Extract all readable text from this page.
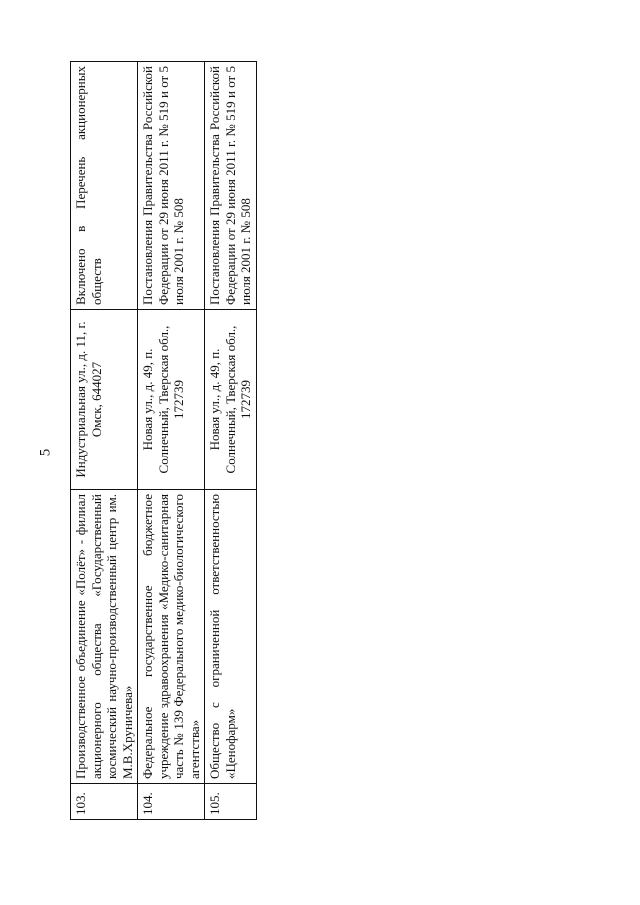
5
103.	Производственное объединение «Полёт» - филиал акционерного общества «Государственный космический научно-производственный центр им. М.В.Хруничева»	Индустриальная ул., д. 11, г. Омск, 644027	Включено в Перечень акционерных обществ
104.	Федеральное государственное бюджетное учреждение здравоохранения «Медико-санитарная часть № 139 Федерального медико-биологического агентства»	Новая ул., д. 49, п. Солнечный, Тверская обл., 172739	Постановления Правительства Российской Федерации от 29 июня 2011 г. № 519 и от 5 июля 2001 г. № 508
105.	Общество с ограниченной ответственностью «Ценофарм»	Новая ул., д. 49, п. Солнечный, Тверская обл., 172739	Постановления Правительства Российской Федерации от 29 июня 2011 г. № 519 и от 5 июля 2001 г. № 508
